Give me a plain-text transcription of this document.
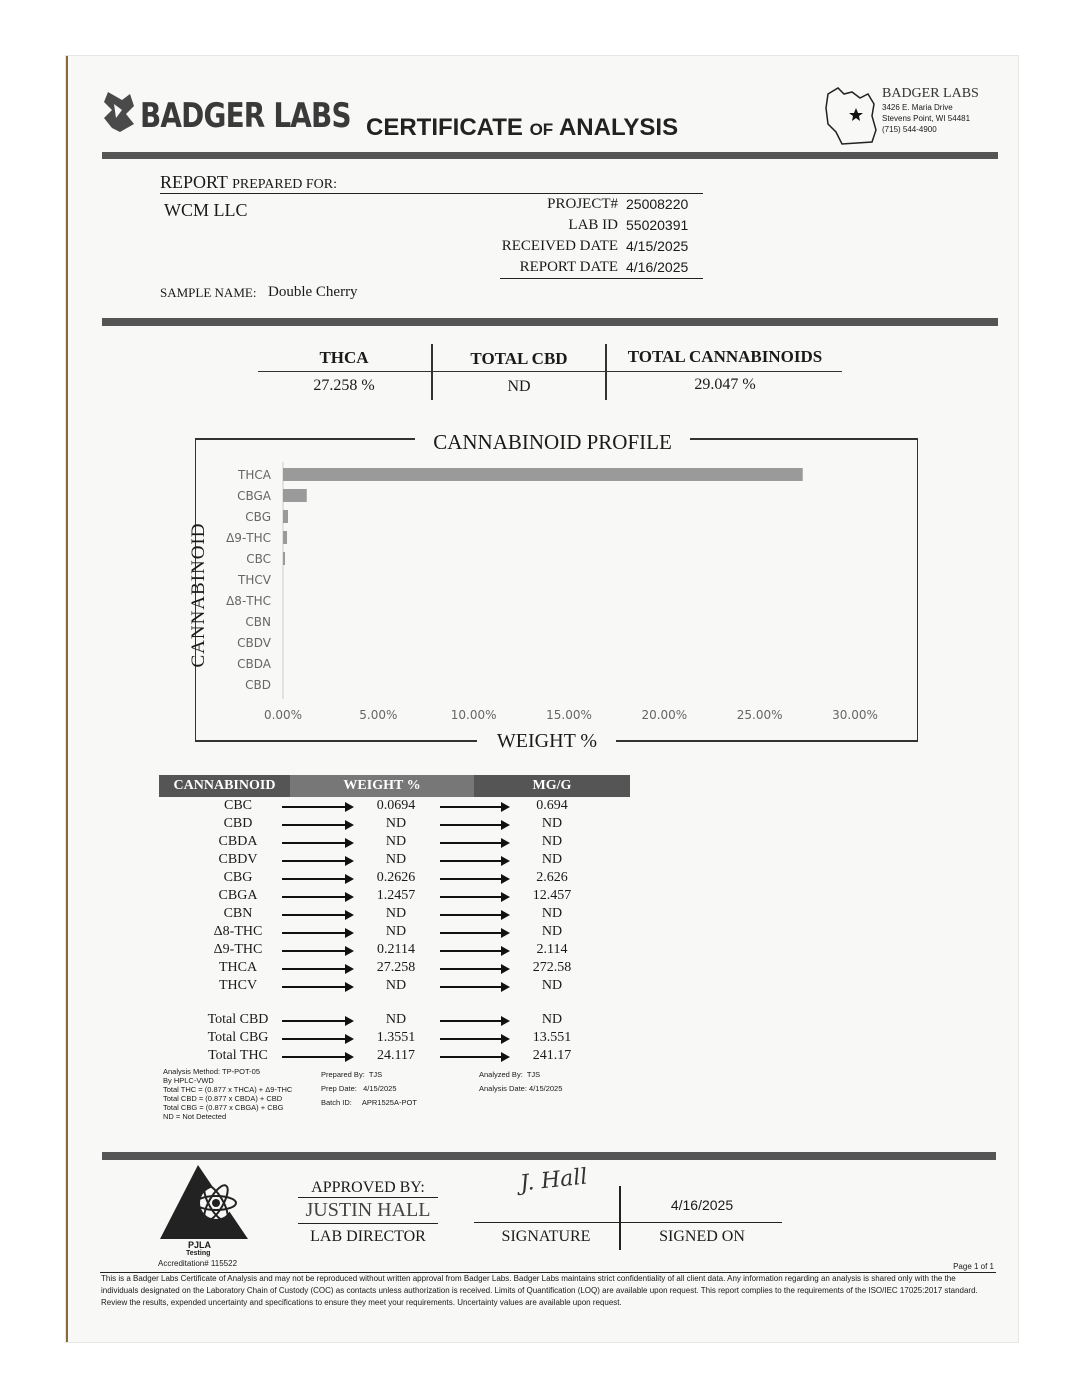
BADGER LABS CERTIFICATE OF ANALYSIS
BADGER LABS
3426 E. Maria Drive
Stevens Point, WI 54481
(715) 544-4900
REPORT PREPARED FOR:
WCM LLC	PROJECT# 25008220
LAB ID 55020391
RECEIVED DATE 4/15/2025
REPORT DATE 4/16/2025
SAMPLE NAME: Double Cherry
THCA	TOTAL CBD	TOTAL CANNABINOIDS
27.258 %	ND	29.047 %
CANNABINOID PROFILE
WEIGHT %
CANNABINOID
THCA
CBGA
CBG
Δ9-THC
CBC
THCV
Δ8-THC
CBN
CBDV
CBDA
CBD
0.00%	5.00%	10.00%	15.00%	20.00%	25.00%	30.00%
CANNABINOID	WEIGHT %	MG/G
CBC	0.0694	0.694
CBD	ND	ND
CBDA	ND	ND
CBDV	ND	ND
CBG	0.2626	2.626
CBGA	1.2457	12.457
CBN	ND	ND
Δ8-THC	ND	ND
Δ9-THC	0.2114	2.114
THCA	27.258	272.58
THCV	ND	ND
Total CBD	ND	ND
Total CBG	1.3551	13.551
Total THC	24.117	241.17
Analysis Method: TP-POT-05
By HPLC-VWD
Total THC = (0.877 x THCA) + Δ9-THC
Total CBD = (0.877 x CBDA) + CBD
Total CBG = (0.877 x CBGA) + CBG
ND = Not Detected
Prepared By: TJS
Prep Date: 4/15/2025
Batch ID: APR1525A-POT
Analyzed By: TJS
Analysis Date: 4/15/2025
PJLA
Testing
Accreditation# 115522
APPROVED BY:
JUSTIN HALL
LAB DIRECTOR
J. Hall
SIGNATURE
4/16/2025
SIGNED ON
Page 1 of 1
This is a Badger Labs Certificate of Analysis and may not be reproduced without written approval from Badger Labs. Badger Labs maintains strict confidentiality of all client data. Any information regarding an analysis is shared only with the the individuals designated on the Laboratory Chain of Custody (COC) as contacts unless authorization is received. Limits of Quantification (LOQ) are available upon request. This report complies to the requirements of the ISO/IEC 17025:2017 standard. Review the results, expended uncertainty and specifications to ensure they meet your requirements. Uncertainty values are available upon request.
